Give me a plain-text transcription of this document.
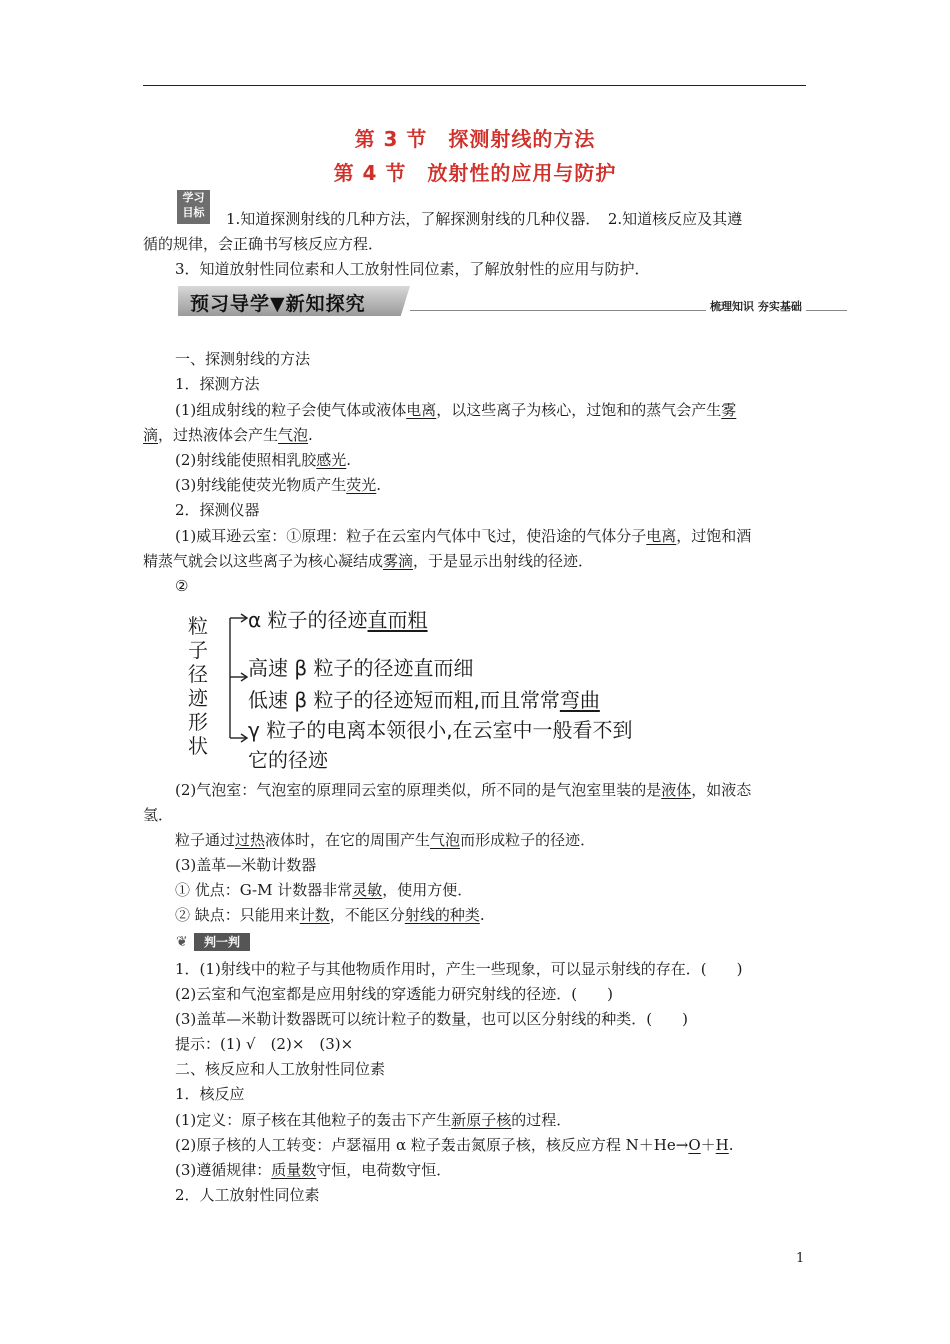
第 3 节　探测射线的方法
第 4 节　放射性的应用与防护
学习
目标	1.知道探测射线的几种方法，了解探测射线的几种仪器．　2.知道核反应及其遵
循的规律，会正确书写核反应方程．
3．知道放射性同位素和人工放射性同位素，了解放射性的应用与防护．
预习导学▼新知探究	梳理知识 夯实基础
一、探测射线的方法
1．探测方法
(1)组成射线的粒子会使气体或液体电离，以这些离子为核心，过饱和的蒸气会产生雾
滴，过热液体会产生气泡.
(2)射线能使照相乳胶感光.
(3)射线能使荧光物质产生荧光.
2．探测仪器
(1)威耳逊云室：①原理：粒子在云室内气体中飞过，使沿途的气体分子电离，过饱和酒
精蒸气就会以这些离子为核心凝结成雾滴，于是显示出射线的径迹．
②
粒
子
径
迹
形
状
α 粒子的径迹直而粗
高速 β 粒子的径迹直而细
低速 β 粒子的径迹短而粗,而且常常弯曲
γ 粒子的电离本领很小,在云室中一般看不到
它的径迹
(2)气泡室：气泡室的原理同云室的原理类似，所不同的是气泡室里装的是液体，如液态
氢．
粒子通过过热液体时，在它的周围产生气泡而形成粒子的径迹．
(3)盖革—米勒计数器
① 优点：G-M 计数器非常灵敏，使用方便．
② 缺点：只能用来计数，不能区分射线的种类.
❦	判一判
1．(1)射线中的粒子与其他物质作用时，产生一些现象，可以显示射线的存在．(　　)
(2)云室和气泡室都是应用射线的穿透能力研究射线的径迹．(　　)
(3)盖革—米勒计数器既可以统计粒子的数量，也可以区分射线的种类．(　　)
提示：(1) √　(2)×　(3)×
二、核反应和人工放射性同位素
1．核反应
(1)定义：原子核在其他粒子的轰击下产生新原子核的过程．
(2)原子核的人工转变：卢瑟福用 α 粒子轰击氮原子核，核反应方程 N＋He→O＋H.
(3)遵循规律：质量数守恒，电荷数守恒．
2．人工放射性同位素
1
